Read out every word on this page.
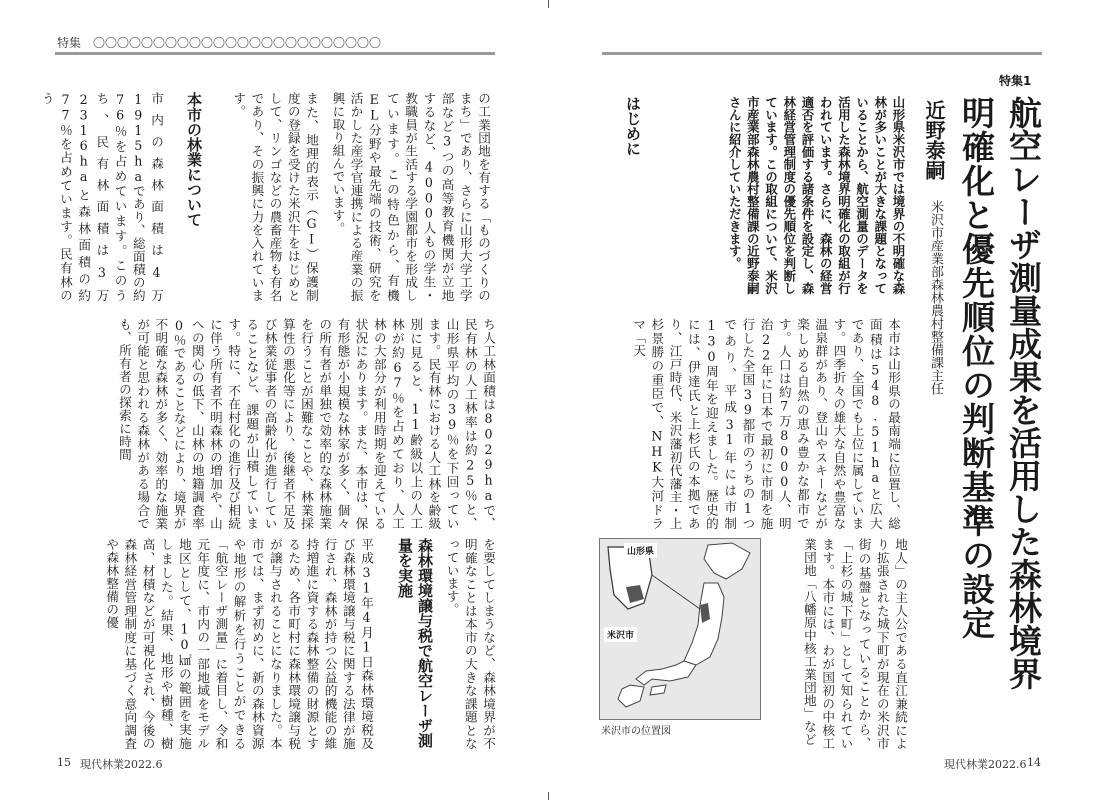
特集　〇〇〇〇〇〇〇〇〇〇〇〇〇〇〇〇〇〇〇〇〇〇〇〇
の工業団地を有する「ものづくりのまち」であり、さらに山形大学工学部など3つの高等教育機関が立地するなど、4000人もの学生・教職員が生活する学園都市を形成しています。この特色から、有機EL分野や最先端の技術、研究を活かした産学官連携による産業の振興に取り組んでいます。
また、地理的表示（GI）保護制度の登録を受けた米沢牛をはじめとして、リンゴなどの農畜産物も有名であり、その振興に力を入れています。
本市の林業について
市内の森林面積は4万1915haであり、総面積の約76％を占めています。このうち、民有林面積は3万2316haと森林面積の約77％を占めています。民有林のう
ち人工林面積は8029haで、民有林の人工林率は約25％と、山形県平均の39％を下回っています。民有林における人工林を齢級別に見ると、11齢級以上の人工林が約67％を占めており、人工林の大部分が利用時期を迎えている状況にあります。また、本市は、保有形態が小規模な林家が多く、個々の所有者が単独で効率的な森林施業を行うことが困難なことや、林業採算性の悪化等により、後継者不足及び林業従事者の高齢化が進行していることなど、課題が山積しています。特に、不在村化の進行及び相続に伴う所有者不明森林の増加や、山への関心の低下、山林の地籍調査率0％であることなどにより、境界が不明確な森林が多く、効率的な施業が可能と思われる森林がある場合でも、所有者の探索に時間
を要してしまうなど、森林境界が不明確なことは本市の大きな課題となっています。
森林環境譲与税で航空レーザ測量を実施
平成31年4月1日森林環境税及び森林環境譲与税に関する法律が施行され、森林が持つ公益的機能の維持増進に資する森林整備の財源とするため、各市町村に森林環境譲与税が譲与されることになりました。本市では、まず初めに、新の森林資源や地形の解析を行うことができる「航空レーザ測量」に着目し、令和元年度に、市内の一部地域をモデル地区として、10㎢の範囲を実施しました。結果、地形や樹種、樹高、材積などが可視化され、今後の森林経営管理制度に基づく意向調査や森林整備の優
15 現代林業2022.6
特集1
航空レーザ測量成果を活用した森林境界
明確化と優先順位の判断基準の設定
近野泰嗣
米沢市産業部森林農村整備課主任
山形県米沢市では境界の不明確な森林が多いことが大きな課題となっていることから、航空測量のデータを活用した森林境界明確化の取組が行われています。さらに、森林の経営適否を評価する諸条件を設定し、森林経営管理制度の優先順位を判断しています。この取組について、米沢市産業部森林農村整備課の近野泰嗣さんに紹介していただきます。
はじめに
本市は山形県の最南端に位置し、総面積は548.51haと広大であり、全国でも上位に属しています。四季折々の雄大な自然や豊富な温泉群があり、登山やスキーなどが楽しめる自然の恵み豊かな都市です。人口は約7万8000人、明治22年に日本で最初に市制を施行した全国39都市のうちの1つであり、平成31年には市制130周年を迎えました。歴史的には、伊達氏と上杉氏の本拠であり、江戸時代、米沢藩初代藩主・上杉景勝の重臣で、NHK大河ドラマ「天
地人」の主人公である直江兼続により拡張された城下町が現在の米沢市街の基盤となっていることから、「上杉の城下町」として知られています。本市には、わが国初の中核工業団地「八幡原中核工業団地」など
山形県
米沢市
米沢市の位置図
現代林業2022.6 14
